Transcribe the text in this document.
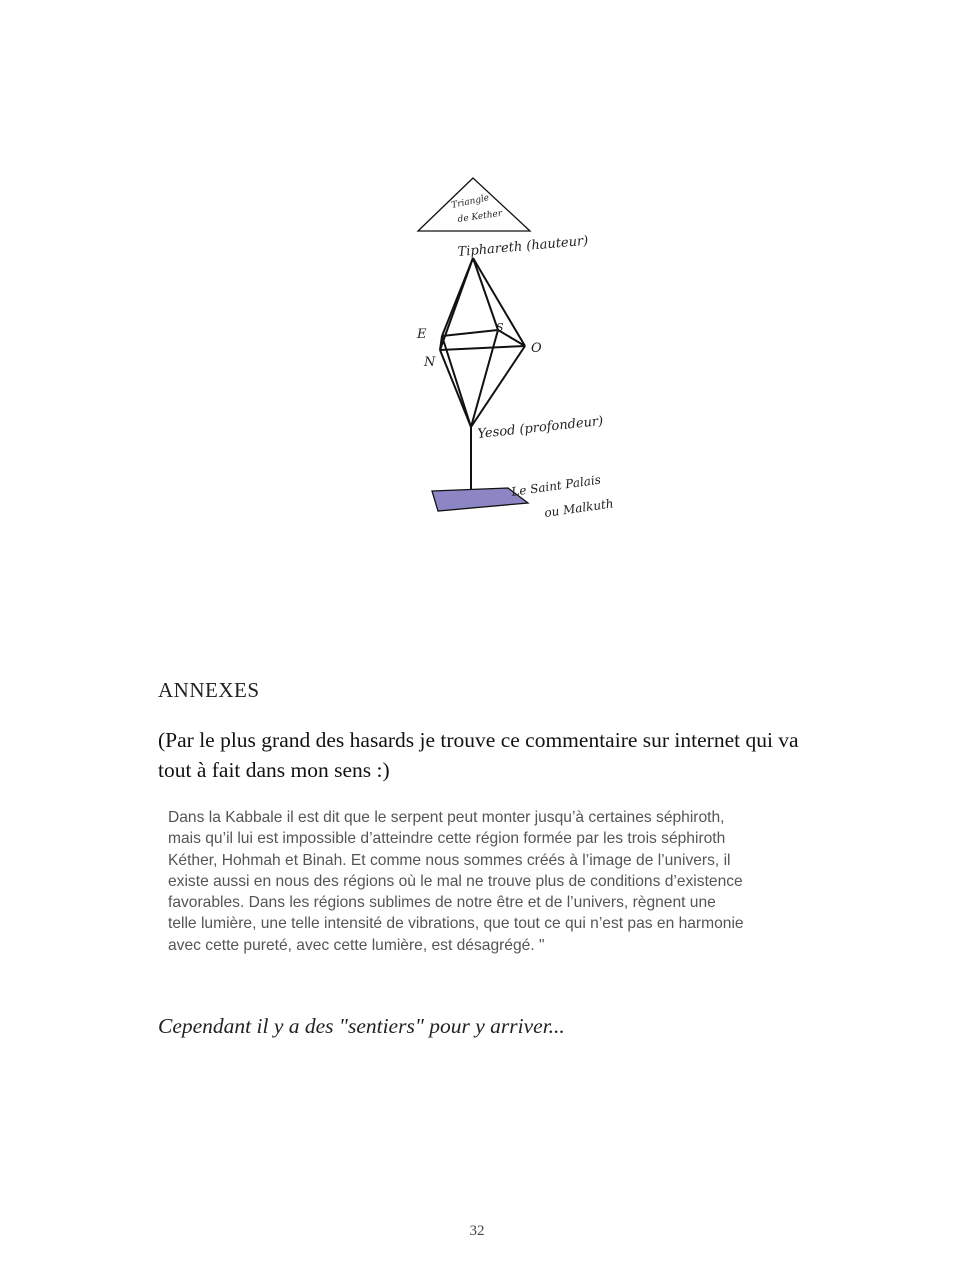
Triangle
de Kether
Tiphareth (hauteur)
E	S
N
O
Yesod (profondeur)
Le Saint Palais
ou Malkuth
ANNEXES
(Par le plus grand des hasards je trouve ce commentaire sur internet qui va tout à fait dans mon sens :)
Dans la Kabbale il est dit que le serpent peut monter jusqu’à certaines séphiroth,
mais qu’il lui est impossible d’atteindre cette région formée par les trois séphiroth
Kéther, Hohmah et Binah. Et comme nous sommes créés à l’image de l’univers, il
existe aussi en nous des régions où le mal ne trouve plus de conditions d’existence
favorables. Dans les régions sublimes de notre être et de l’univers, règnent une
telle lumière, une telle intensité de vibrations, que tout ce qui n’est pas en harmonie
avec cette pureté, avec cette lumière, est désagrégé. "
Cependant il y a des "sentiers" pour y arriver...
32
